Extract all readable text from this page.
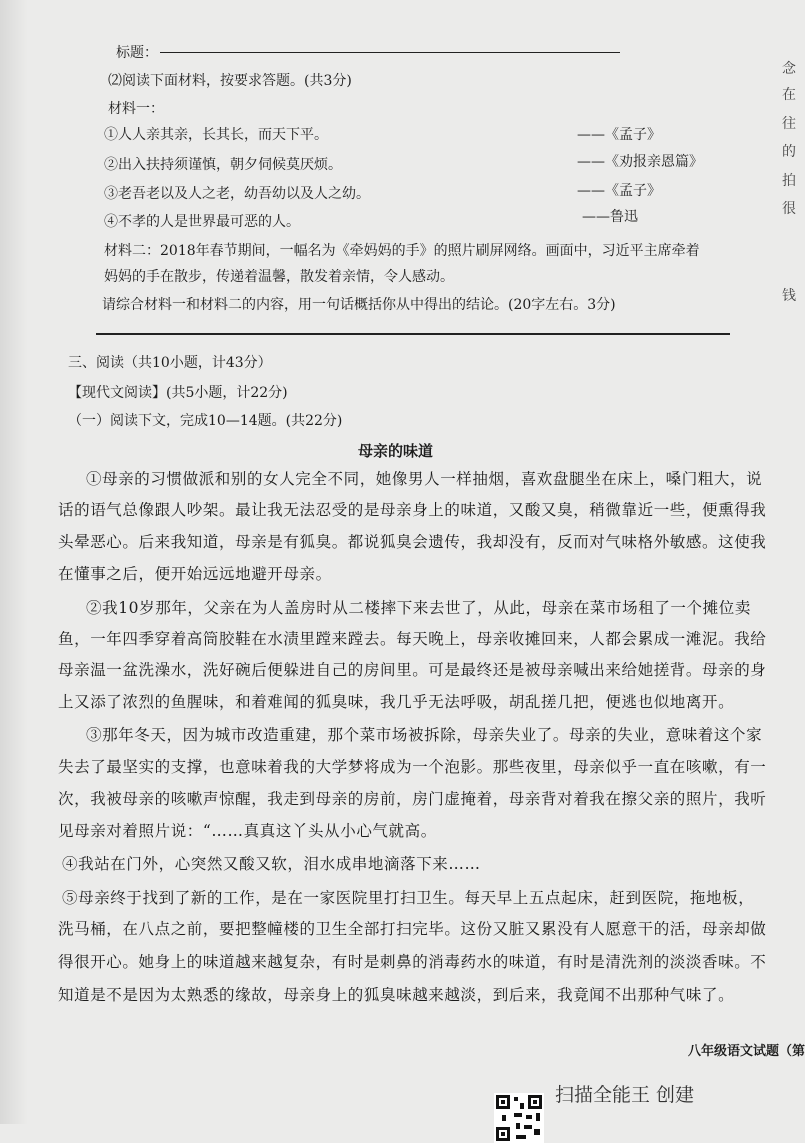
标题：
⑵阅读下面材料，按要求答题。(共3分)
材料一：
①人人亲其亲，长其长，而天下平。	——《孟子》
②出入扶持须谨慎，朝夕伺候莫厌烦。	——《劝报亲恩篇》
③老吾老以及人之老，幼吾幼以及人之幼。	——《孟子》
④不孝的人是世界最可恶的人。	——鲁迅
材料二：2018年春节期间，一幅名为《牵妈妈的手》的照片刷屏网络。画面中，习近平主席牵着
妈妈的手在散步，传递着温馨，散发着亲情，令人感动。
请综合材料一和材料二的内容，用一句话概括你从中得出的结论。(20字左右。3分)
三、阅读（共10小题，计43分）
【现代文阅读】(共5小题，计22分)
（一）阅读下文，完成10—14题。(共22分)
母亲的味道
①母亲的习惯做派和别的女人完全不同，她像男人一样抽烟，喜欢盘腿坐在床上，嗓门粗大，说
话的语气总像跟人吵架。最让我无法忍受的是母亲身上的味道，又酸又臭，稍微靠近一些，便熏得我
头晕恶心。后来我知道，母亲是有狐臭。都说狐臭会遗传，我却没有，反而对气味格外敏感。这使我
在懂事之后，便开始远远地避开母亲。
②我10岁那年，父亲在为人盖房时从二楼摔下来去世了，从此，母亲在菜市场租了一个摊位卖
鱼，一年四季穿着高筒胶鞋在水渍里蹚来蹚去。每天晚上，母亲收摊回来，人都会累成一滩泥。我给
母亲温一盆洗澡水，洗好碗后便躲进自己的房间里。可是最终还是被母亲喊出来给她搓背。母亲的身
上又添了浓烈的鱼腥味，和着难闻的狐臭味，我几乎无法呼吸，胡乱搓几把，便逃也似地离开。
③那年冬天，因为城市改造重建，那个菜市场被拆除，母亲失业了。母亲的失业，意味着这个家
失去了最坚实的支撑，也意味着我的大学梦将成为一个泡影。那些夜里，母亲似乎一直在咳嗽，有一
次，我被母亲的咳嗽声惊醒，我走到母亲的房前，房门虚掩着，母亲背对着我在擦父亲的照片，我听
见母亲对着照片说：“……真真这丫头从小心气就高。
④我站在门外，心突然又酸又软，泪水成串地滴落下来……
⑤母亲终于找到了新的工作，是在一家医院里打扫卫生。每天早上五点起床，赶到医院，拖地板，
洗马桶，在八点之前，要把整幢楼的卫生全部打扫完毕。这份又脏又累没有人愿意干的活，母亲却做
得很开心。她身上的味道越来越复杂，有时是刺鼻的消毒药水的味道，有时是清洗剂的淡淡香味。不
知道是不是因为太熟悉的缘故，母亲身上的狐臭味越来越淡，到后来，我竟闻不出那种气味了。
念
在
往
的
拍
很
钱
八年级语文试题（第
扫描全能王 创建
